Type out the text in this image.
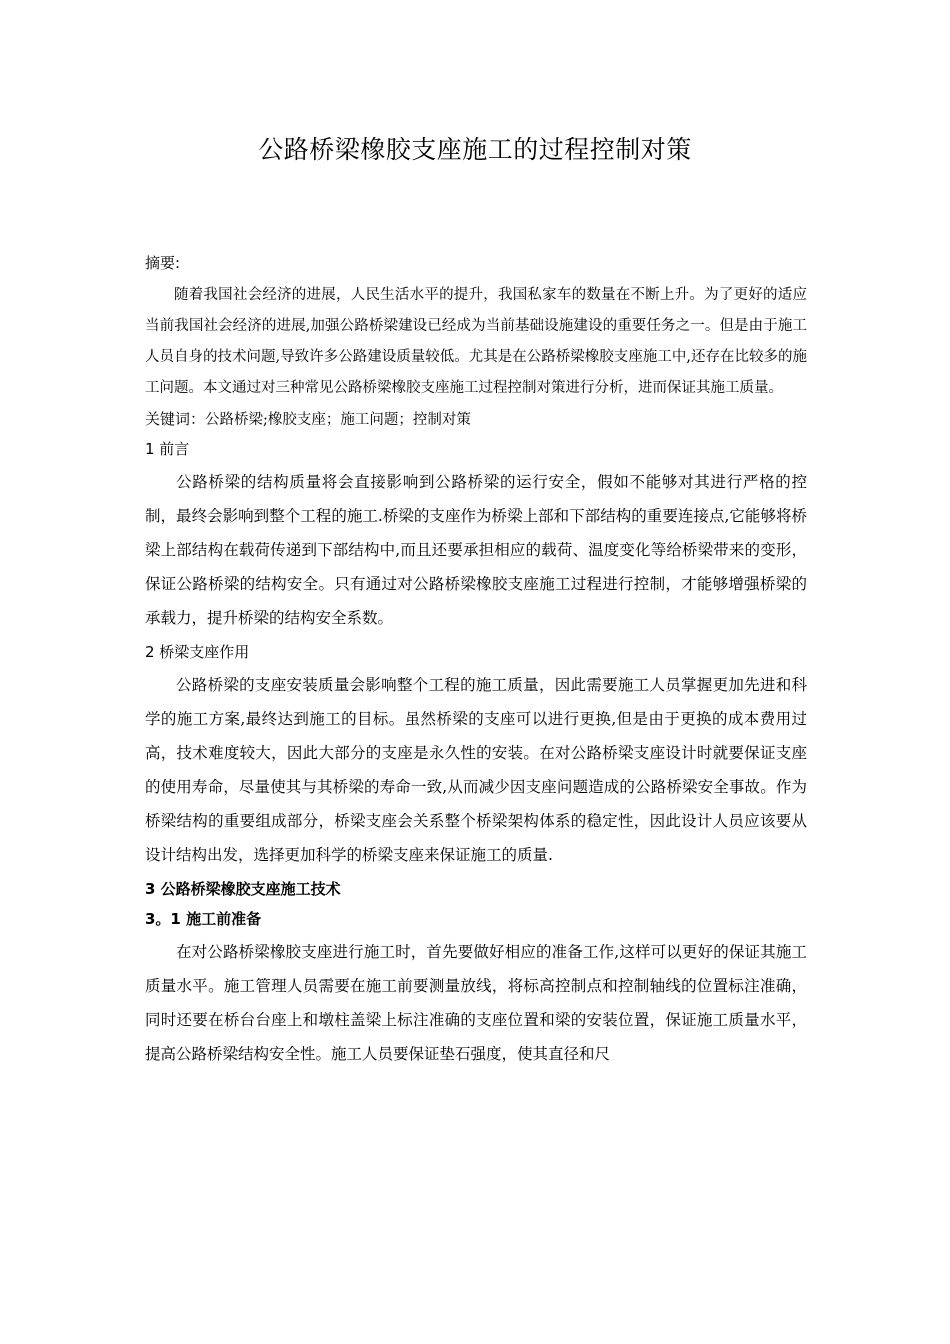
公路桥梁橡胶支座施工的过程控制对策
摘要:

随着我国社会经济的进展，人民生活水平的提升，我国私家车的数量在不断上升。为了更好的适应当前我国社会经济的进展,加强公路桥梁建设已经成为当前基础设施建设的重要任务之一。但是由于施工人员自身的技术问题,导致许多公路建设质量较低。尤其是在公路桥梁橡胶支座施工中,还存在比较多的施工问题。本文通过对三种常见公路桥梁橡胶支座施工过程控制对策进行分析，进而保证其施工质量。

关键词：公路桥梁;橡胶支座；施工问题；控制对策
1 前言

公路桥梁的结构质量将会直接影响到公路桥梁的运行安全，假如不能够对其进行严格的控制，最终会影响到整个工程的施工.桥梁的支座作为桥梁上部和下部结构的重要连接点,它能够将桥梁上部结构在载荷传递到下部结构中,而且还要承担相应的载荷、温度变化等给桥梁带来的变形，保证公路桥梁的结构安全。只有通过对公路桥梁橡胶支座施工过程进行控制，才能够增强桥梁的承载力，提升桥梁的结构安全系数。

2 桥梁支座作用

公路桥梁的支座安装质量会影响整个工程的施工质量，因此需要施工人员掌握更加先进和科学的施工方案,最终达到施工的目标。虽然桥梁的支座可以进行更换,但是由于更换的成本费用过高，技术难度较大，因此大部分的支座是永久性的安装。在对公路桥梁支座设计时就要保证支座的使用寿命，尽量使其与其桥梁的寿命一致,从而减少因支座问题造成的公路桥梁安全事故。作为桥梁结构的重要组成部分，桥梁支座会关系整个桥梁架构体系的稳定性，因此设计人员应该要从设计结构出发，选择更加科学的桥梁支座来保证施工的质量.

3 公路桥梁橡胶支座施工技术
3。1 施工前准备

在对公路桥梁橡胶支座进行施工时，首先要做好相应的准备工作,这样可以更好的保证其施工质量水平。施工管理人员需要在施工前要测量放线，将标高控制点和控制轴线的位置标注准确，同时还要在桥台台座上和墩柱盖梁上标注准确的支座位置和梁的安装位置，保证施工质量水平，提高公路桥梁结构安全性。施工人员要保证垫石强度，使其直径和尺
